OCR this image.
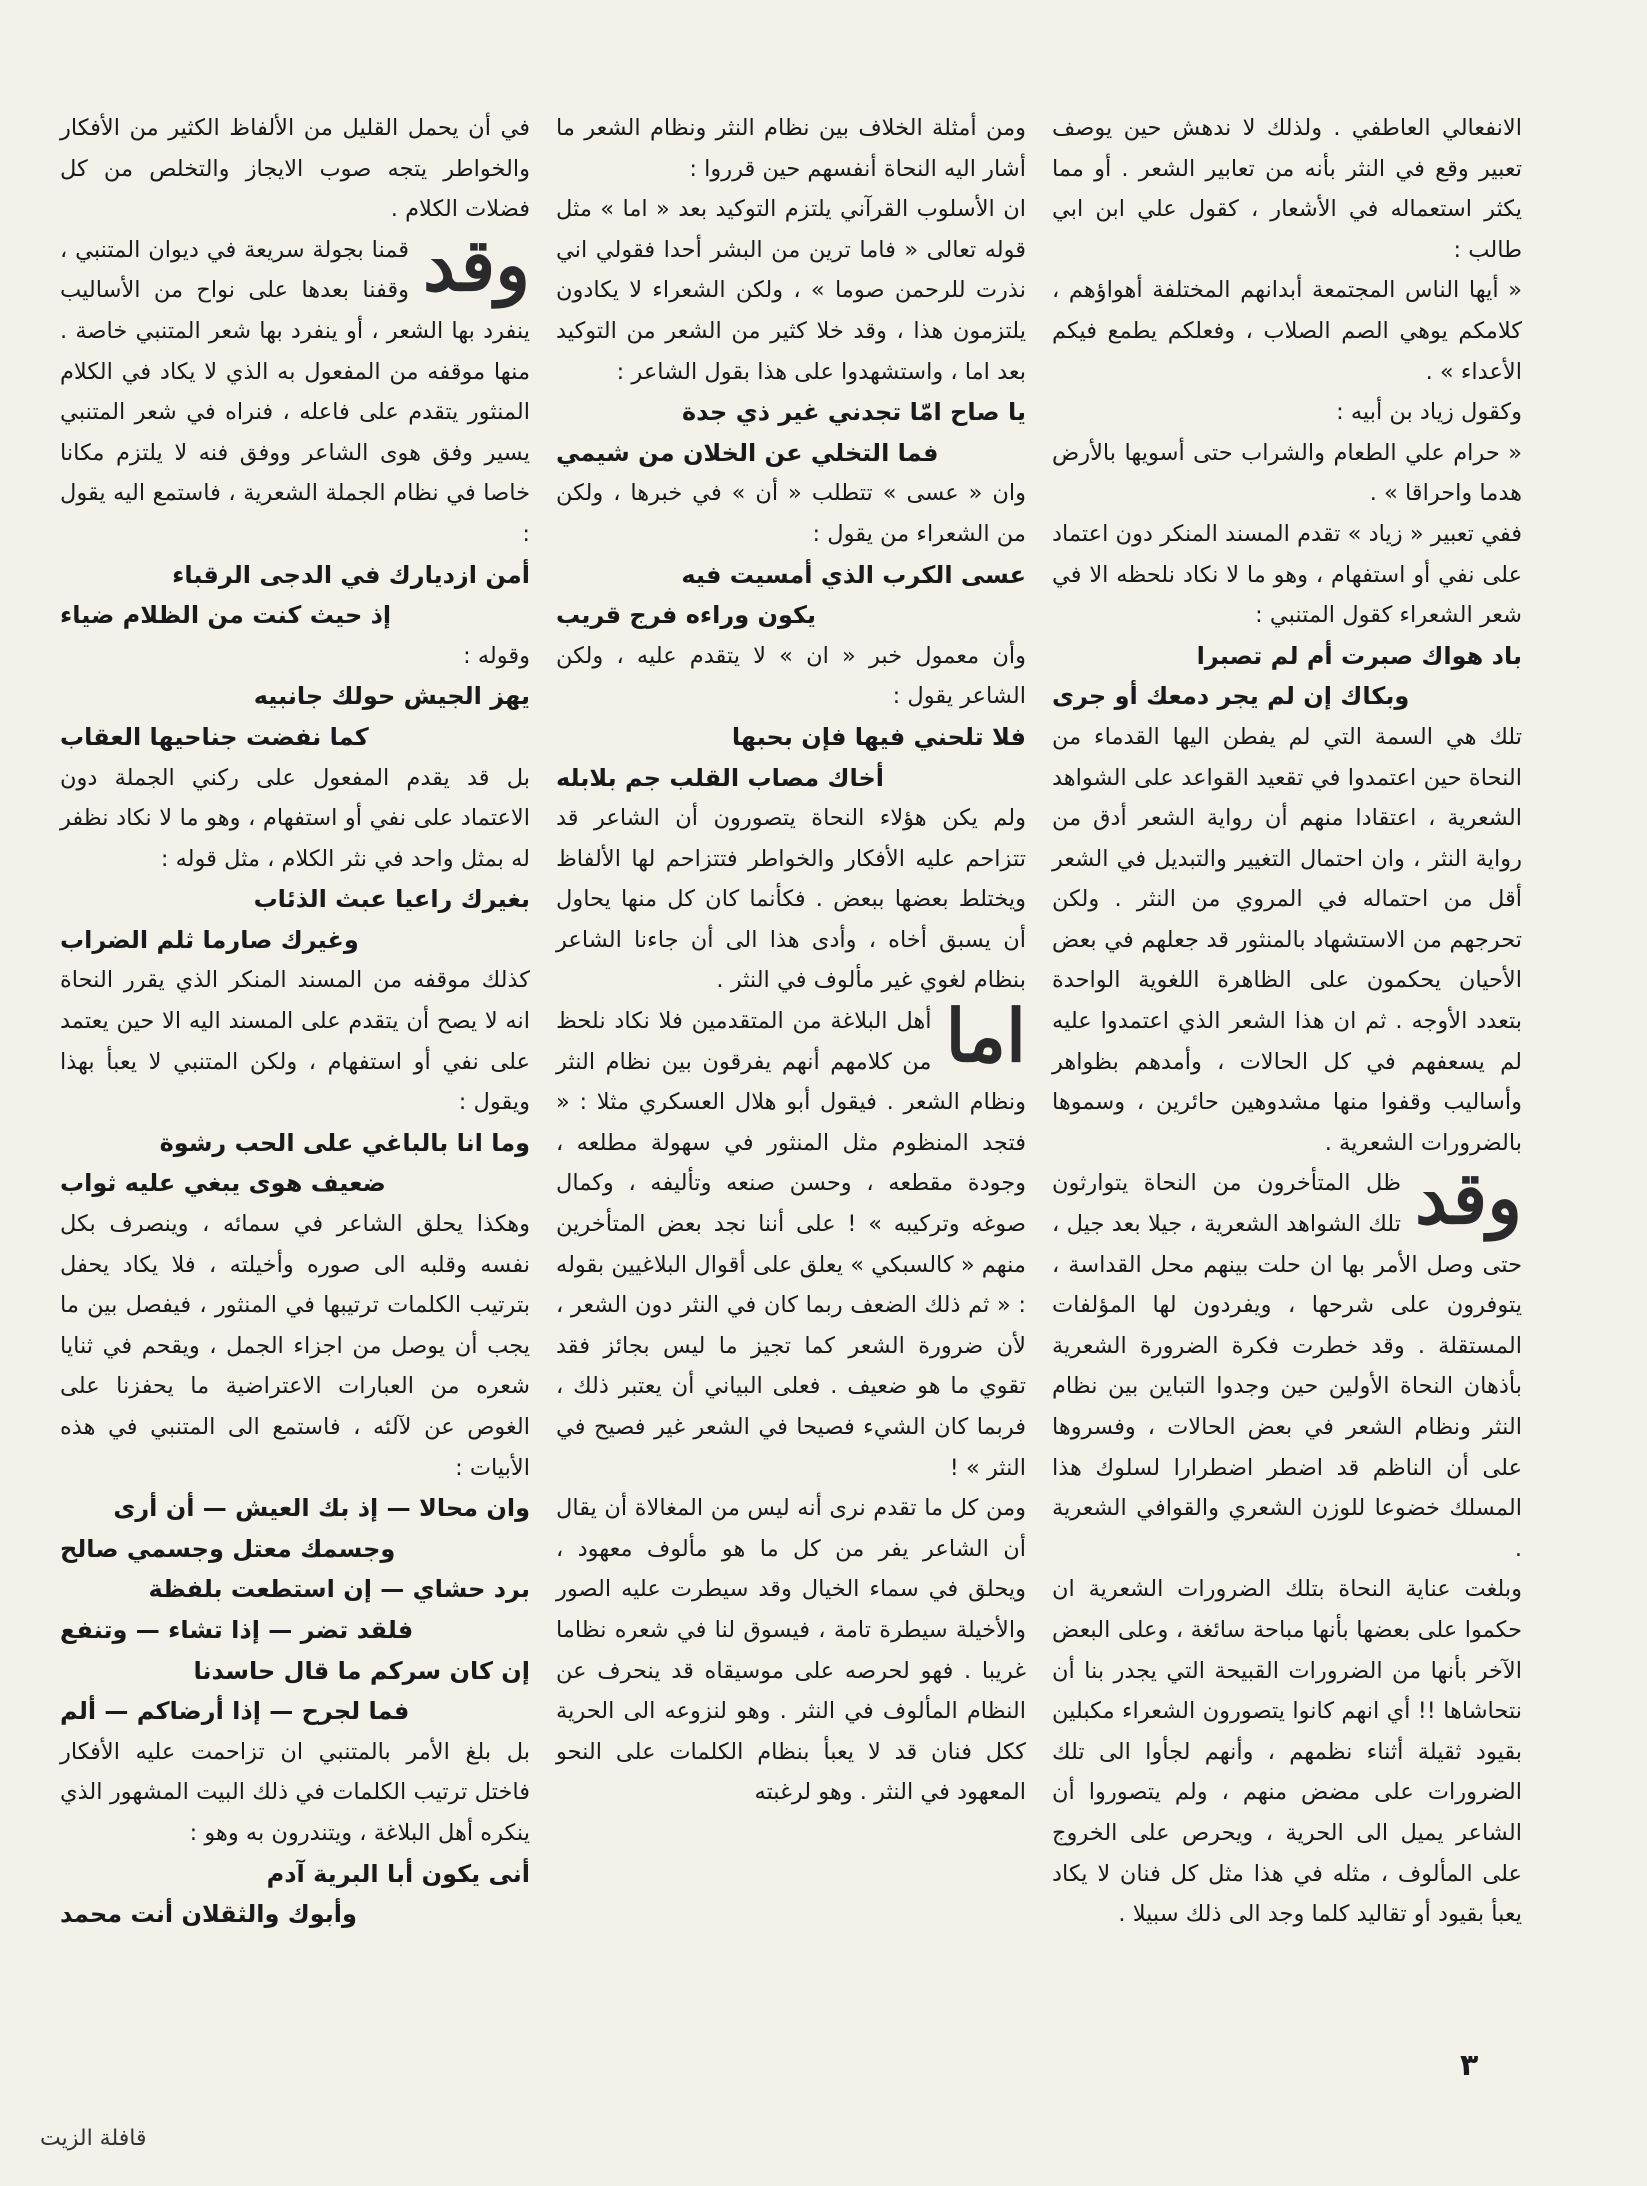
الانفعالي العاطفي . ولذلك لا ندهش حين يوصف تعبير وقع في النثر بأنه من تعابير الشعر . أو مما يكثر استعماله في الأشعار ، كقول علي ابن ابي طالب :

« أيها الناس المجتمعة أبدانهم المختلفة أهواؤهم ، كلامكم يوهي الصم الصلاب ، وفعلكم يطمع فيكم الأعداء » .

وكقول زياد بن أبيه :

« حرام علي الطعام والشراب حتى أسويها بالأرض هدما واحراقا » .

ففي تعبير « زياد » تقدم المسند المنكر دون اعتماد على نفي أو استفهام ، وهو ما لا نكاد نلحظه الا في شعر الشعراء كقول المتنبي :

باد هواك صبرت أم لم تصبرا
وبكاك إن لم يجر دمعك أو جرى

تلك هي السمة التي لم يفطن اليها القدماء من النحاة حين اعتمدوا في تقعيد القواعد على الشواهد الشعرية ، اعتقادا منهم أن رواية الشعر أدق من رواية النثر ، وان احتمال التغيير والتبديل في الشعر أقل من احتماله في المروي من النثر . ولكن تحرجهم من الاستشهاد بالمنثور قد جعلهم في بعض الأحيان يحكمون على الظاهرة اللغوية الواحدة بتعدد الأوجه . ثم ان هذا الشعر الذي اعتمدوا عليه لم يسعفهم في كل الحالات ، وأمدهم بظواهر وأساليب وقفوا منها مشدوهين حائرين ، وسموها بالضرورات الشعرية .

وقد
ظل المتأخرون من النحاة يتوارثون تلك الشواهد الشعرية ، جيلا بعد جيل ، حتى وصل الأمر بها ان حلت بينهم محل القداسة ، يتوفرون على شرحها ، ويفردون لها المؤلفات المستقلة . وقد خطرت فكرة الضرورة الشعرية بأذهان النحاة الأولين حين وجدوا التباين بين نظام النثر ونظام الشعر في بعض الحالات ، وفسروها على أن الناظم قد اضطر اضطرارا لسلوك هذا المسلك خضوعا للوزن الشعري والقوافي الشعرية .

وبلغت عناية النحاة بتلك الضرورات الشعرية ان حكموا على بعضها بأنها مباحة سائغة ، وعلى البعض الآخر بأنها من الضرورات القبيحة التي يجدر بنا أن نتحاشاها !! أي انهم كانوا يتصورون الشعراء مكبلين بقيود ثقيلة أثناء نظمهم ، وأنهم لجأوا الى تلك الضرورات على مضض منهم ، ولم يتصوروا أن الشاعر يميل الى الحرية ، ويحرص على الخروج على المألوف ، مثله في هذا مثل كل فنان لا يكاد يعبأ بقيود أو تقاليد كلما وجد الى ذلك سبيلا .

ومن أمثلة الخلاف بين نظام النثر ونظام الشعر ما أشار اليه النحاة أنفسهم حين قرروا :

ان الأسلوب القرآني يلتزم التوكيد بعد « اما » مثل قوله تعالى « فاما ترين من البشر أحدا فقولي اني نذرت للرحمن صوما » ، ولكن الشعراء لا يكادون يلتزمون هذا ، وقد خلا كثير من الشعر من التوكيد بعد اما ، واستشهدوا على هذا بقول الشاعر :

يا صاح امّا تجدني غير ذي جدة
فما التخلي عن الخلان من شيمي

وان « عسى » تتطلب « أن » في خبرها ، ولكن من الشعراء من يقول :

عسى الكرب الذي أمسيت فيه
يكون وراءه فرج قريب

وأن معمول خبر « ان » لا يتقدم عليه ، ولكن الشاعر يقول :

فلا تلحني فيها فإن بحبها
أخاك مصاب القلب جم بلابله

ولم يكن هؤلاء النحاة يتصورون أن الشاعر قد تتزاحم عليه الأفكار والخواطر فتتزاحم لها الألفاظ ويختلط بعضها ببعض . فكأنما كان كل منها يحاول أن يسبق أخاه ، وأدى هذا الى أن جاءنا الشاعر بنظام لغوي غير مألوف في النثر .

اما
أهل البلاغة من المتقدمين فلا نكاد نلحظ من كلامهم أنهم يفرقون بين نظام النثر ونظام الشعر . فيقول أبو هلال العسكري مثلا : « فتجد المنظوم مثل المنثور في سهولة مطلعه ، وجودة مقطعه ، وحسن صنعه وتأليفه ، وكمال صوغه وتركيبه » ! على أننا نجد بعض المتأخرين منهم « كالسبكي » يعلق على أقوال البلاغيين بقوله : « ثم ذلك الضعف ربما كان في النثر دون الشعر ، لأن ضرورة الشعر كما تجيز ما ليس بجائز فقد تقوي ما هو ضعيف . فعلى البياني أن يعتبر ذلك ، فربما كان الشيء فصيحا في الشعر غير فصيح في النثر » !

ومن كل ما تقدم نرى أنه ليس من المغالاة أن يقال أن الشاعر يفر من كل ما هو مألوف معهود ، ويحلق في سماء الخيال وقد سيطرت عليه الصور والأخيلة سيطرة تامة ، فيسوق لنا في شعره نظاما غريبا . فهو لحرصه على موسيقاه قد ينحرف عن النظام المألوف في النثر . وهو لنزوعه الى الحرية ككل فنان قد لا يعبأ بنظام الكلمات على النحو المعهود في النثر . وهو لرغبته

في أن يحمل القليل من الألفاظ الكثير من الأفكار والخواطر يتجه صوب الايجاز والتخلص من كل فضلات الكلام .

وقد
قمنا بجولة سريعة في ديوان المتنبي ، وقفنا بعدها على نواح من الأساليب ينفرد بها الشعر ، أو ينفرد بها شعر المتنبي خاصة . منها موقفه من المفعول به الذي لا يكاد في الكلام المنثور يتقدم على فاعله ، فنراه في شعر المتنبي يسير وفق هوى الشاعر ووفق فنه لا يلتزم مكانا خاصا في نظام الجملة الشعرية ، فاستمع اليه يقول :

أمن ازديارك في الدجى الرقباء
إذ حيث كنت من الظلام ضياء

وقوله :

يهز الجيش حولك جانبيه
كما نفضت جناحيها العقاب

بل قد يقدم المفعول على ركني الجملة دون الاعتماد على نفي أو استفهام ، وهو ما لا نكاد نظفر له بمثل واحد في نثر الكلام ، مثل قوله :

بغيرك راعيا عبث الذئاب
وغيرك صارما ثلم الضراب

كذلك موقفه من المسند المنكر الذي يقرر النحاة انه لا يصح أن يتقدم على المسند اليه الا حين يعتمد على نفي أو استفهام ، ولكن المتنبي لا يعبأ بهذا ويقول :

وما انا بالباغي على الحب رشوة
ضعيف هوى يبغي عليه ثواب

وهكذا يحلق الشاعر في سمائه ، وينصرف بكل نفسه وقلبه الى صوره وأخيلته ، فلا يكاد يحفل بترتيب الكلمات ترتيبها في المنثور ، فيفصل بين ما يجب أن يوصل من اجزاء الجمل ، ويقحم في ثنايا شعره من العبارات الاعتراضية ما يحفزنا على الغوص عن لآلئه ، فاستمع الى المتنبي في هذه الأبيات :

وان محالا — إذ بك العيش — أن أرى
وجسمك معتل وجسمي صالح
برد حشاي — إن استطعت بلفظة
فلقد تضر — إذا تشاء — وتنفع
إن كان سركم ما قال حاسدنا
فما لجرح — إذا أرضاكم — ألم

بل بلغ الأمر بالمتنبي ان تزاحمت عليه الأفكار فاختل ترتيب الكلمات في ذلك البيت المشهور الذي ينكره أهل البلاغة ، ويتندرون به وهو :

أنى يكون أبا البرية آدم
وأبوك والثقلان أنت محمد
٣
قافلة الزيت
